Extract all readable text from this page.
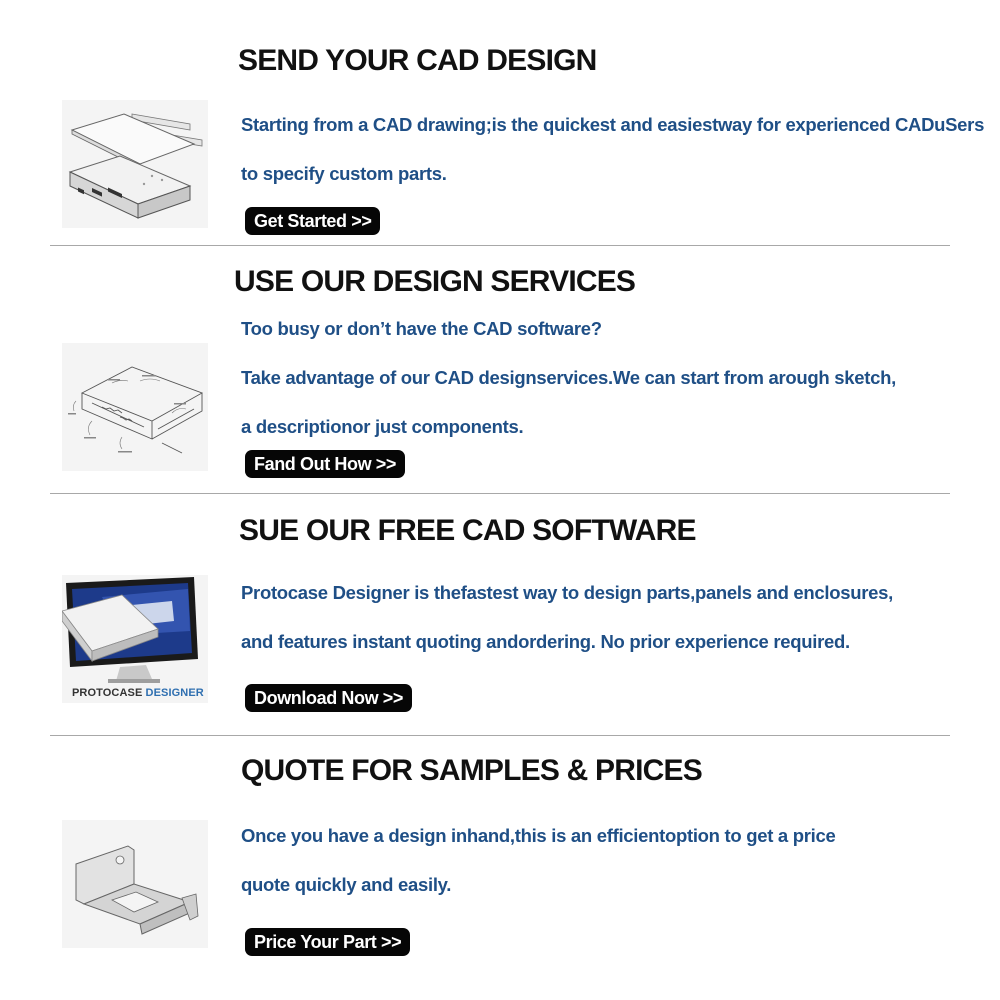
SEND YOUR CAD DESIGN

Starting from a CAD drawing;is the quickest and easiestway for experienced CADuSers

to specify custom parts.

Get Started >>
USE OUR DESIGN SERVICES

Too busy or don’t have the CAD software?

Take advantage of our CAD designservices.We can start from arough sketch,

a descriptionor just components.

Fand Out How >>
PROTOCASE DESIGNER
SUE OUR FREE CAD SOFTWARE

Protocase Designer is thefastest way to design parts,panels and enclosures,

and features instant quoting andordering. No prior experience required.

Download Now >>
QUOTE FOR SAMPLES & PRICES

Once you have a design inhand,this is an efficientoption to get a price

quote quickly and easily.

Price Your Part >>
